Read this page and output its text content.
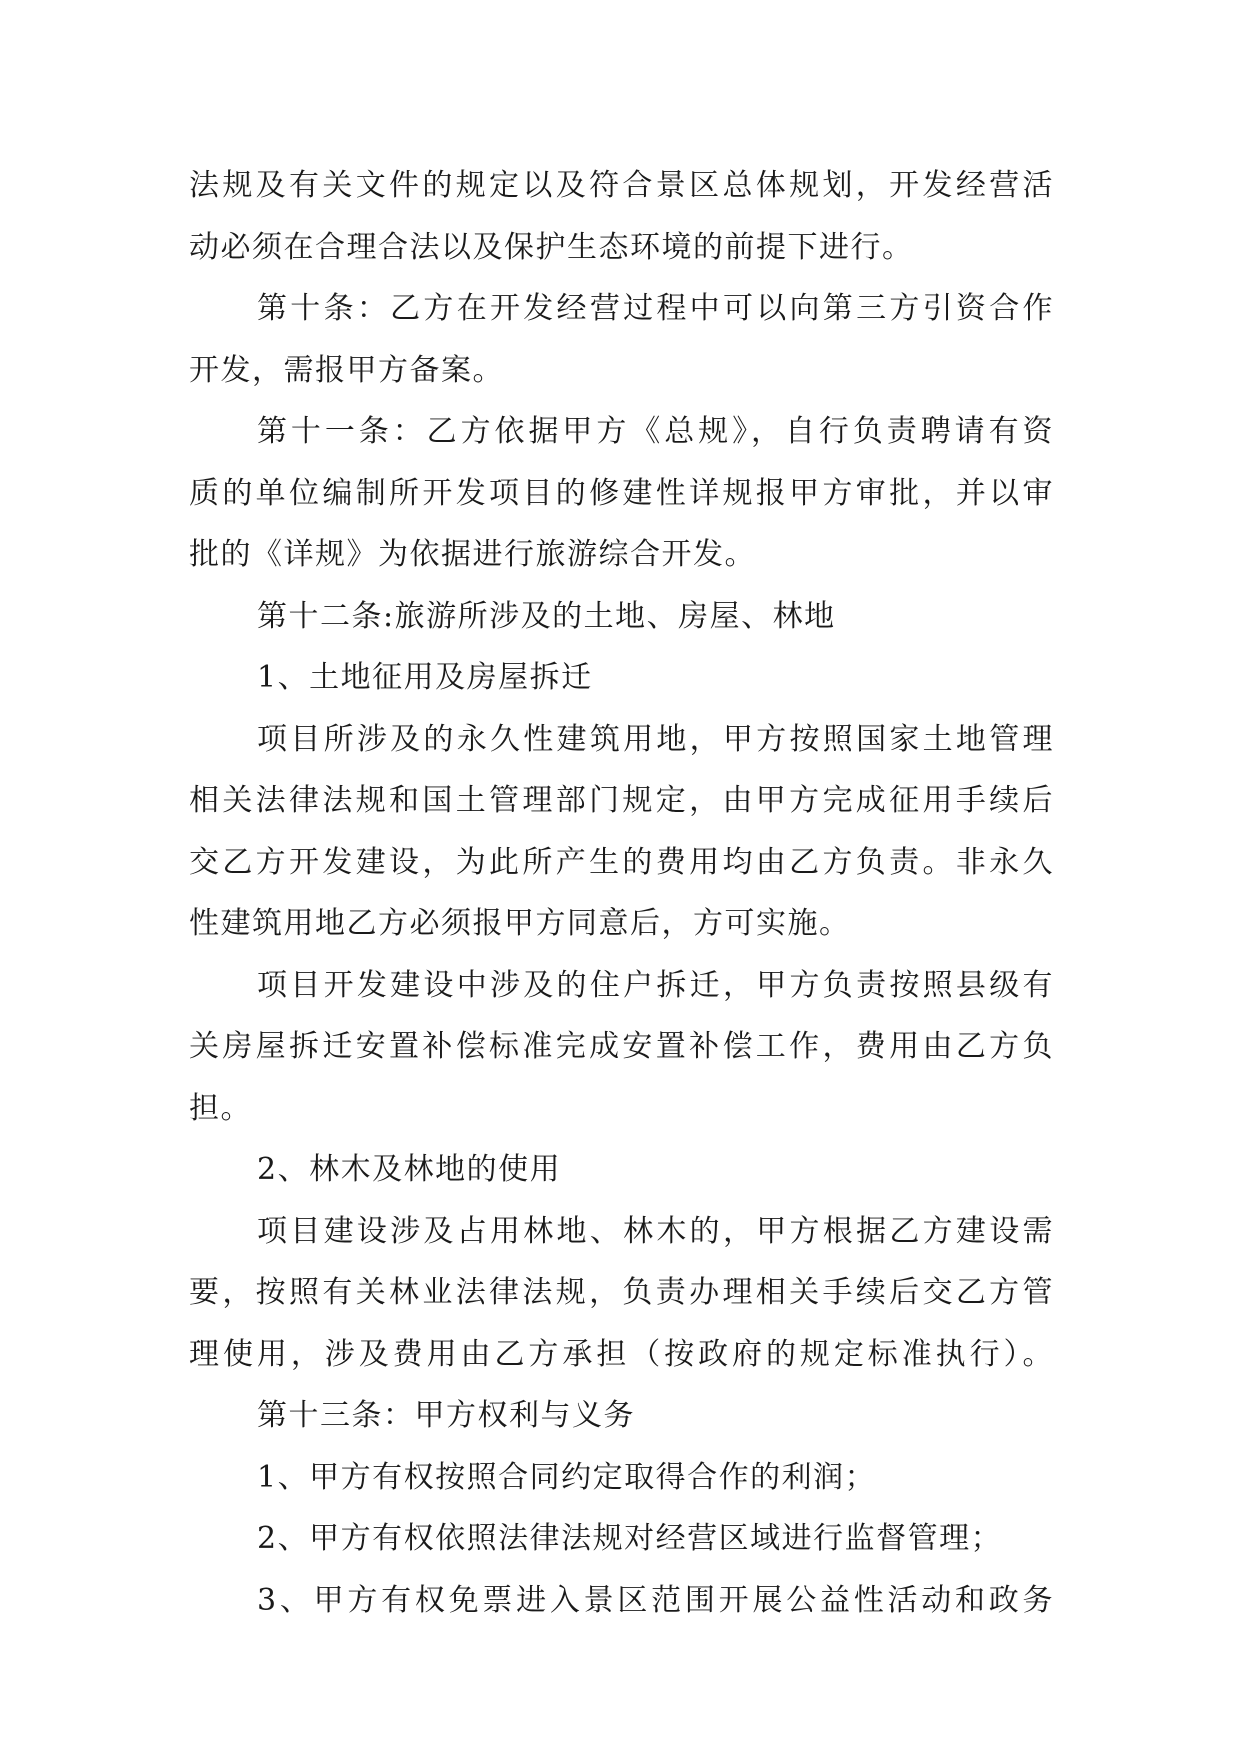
法规及有关文件的规定以及符合景区总体规划，开发经营活
动必须在合理合法以及保护生态环境的前提下进行。
第十条：乙方在开发经营过程中可以向第三方引资合作
开发，需报甲方备案。
第十一条：乙方依据甲方《总规》，自行负责聘请有资
质的单位编制所开发项目的修建性详规报甲方审批，并以审
批的《详规》为依据进行旅游综合开发。
第十二条:旅游所涉及的土地、房屋、林地
1、土地征用及房屋拆迁
项目所涉及的永久性建筑用地，甲方按照国家土地管理
相关法律法规和国土管理部门规定，由甲方完成征用手续后
交乙方开发建设，为此所产生的费用均由乙方负责。非永久
性建筑用地乙方必须报甲方同意后，方可实施。
项目开发建设中涉及的住户拆迁，甲方负责按照县级有
关房屋拆迁安置补偿标准完成安置补偿工作，费用由乙方负
担。
2、林木及林地的使用
项目建设涉及占用林地、林木的，甲方根据乙方建设需
要，按照有关林业法律法规，负责办理相关手续后交乙方管
理使用，涉及费用由乙方承担（按政府的规定标准执行）。
第十三条：甲方权利与义务
1、甲方有权按照合同约定取得合作的利润；
2、甲方有权依照法律法规对经营区域进行监督管理；
3、甲方有权免票进入景区范围开展公益性活动和政务
